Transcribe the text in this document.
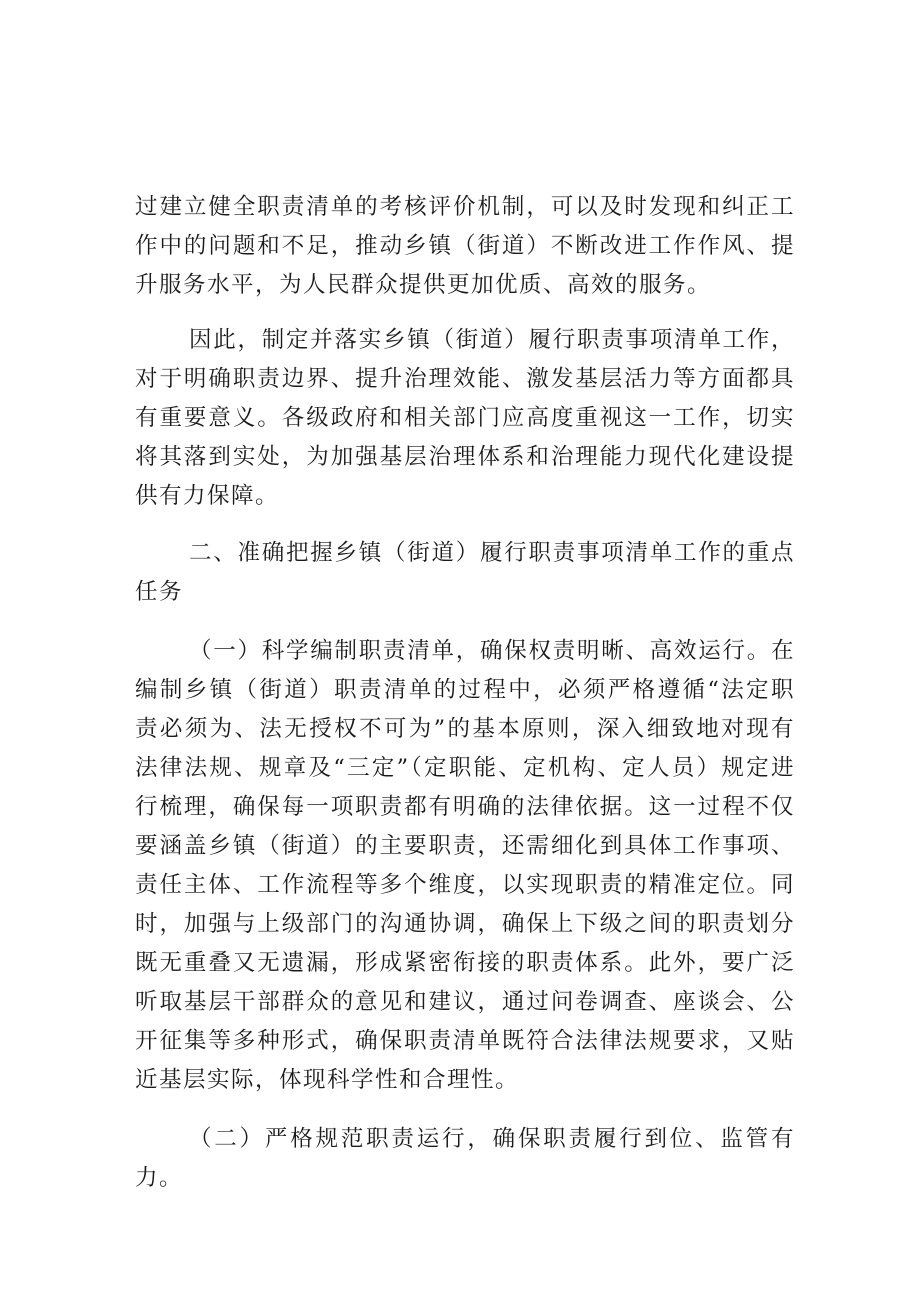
过建立健全职责清单的考核评价机制，可以及时发现和纠正工作中的问题和不足，推动乡镇（街道）不断改进工作作风、提升服务水平，为人民群众提供更加优质、高效的服务。

因此，制定并落实乡镇（街道）履行职责事项清单工作，对于明确职责边界、提升治理效能、激发基层活力等方面都具有重要意义。各级政府和相关部门应高度重视这一工作，切实将其落到实处，为加强基层治理体系和治理能力现代化建设提供有力保障。

二、准确把握乡镇（街道）履行职责事项清单工作的重点任务

（一）科学编制职责清单，确保权责明晰、高效运行。在编制乡镇（街道）职责清单的过程中，必须严格遵循“法定职责必须为、法无授权不可为”的基本原则，深入细致地对现有法律法规、规章及“三定”（定职能、定机构、定人员）规定进行梳理，确保每一项职责都有明确的法律依据。这一过程不仅要涵盖乡镇（街道）的主要职责，还需细化到具体工作事项、责任主体、工作流程等多个维度，以实现职责的精准定位。同时，加强与上级部门的沟通协调，确保上下级之间的职责划分既无重叠又无遗漏，形成紧密衔接的职责体系。此外，要广泛听取基层干部群众的意见和建议，通过问卷调查、座谈会、公开征集等多种形式，确保职责清单既符合法律法规要求，又贴近基层实际，体现科学性和合理性。

（二）严格规范职责运行，确保职责履行到位、监管有力。
